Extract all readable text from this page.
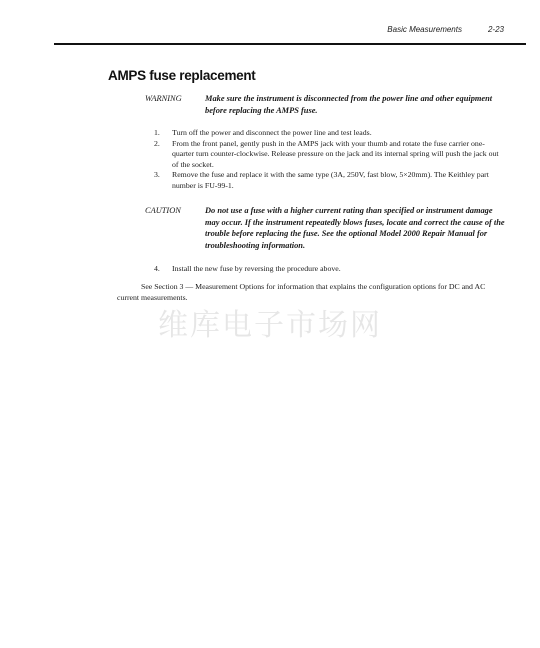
Basic Measurements	2-23
AMPS fuse replacement
WARNING	Make sure the instrument is disconnected from the power line and other equipment before replacing the AMPS fuse.
1. Turn off the power and disconnect the power line and test leads.
2. From the front panel, gently push in the AMPS jack with your thumb and rotate the fuse carrier one-quarter turn counter-clockwise. Release pressure on the jack and its internal spring will push the jack out of the socket.
3. Remove the fuse and replace it with the same type (3A, 250V, fast blow, 5×20mm). The Keithley part number is FU-99-1.
CAUTION	Do not use a fuse with a higher current rating than specified or instrument damage may occur. If the instrument repeatedly blows fuses, locate and correct the cause of the trouble before replacing the fuse. See the optional Model 2000 Repair Manual for troubleshooting information.
4. Install the new fuse by reversing the procedure above.
See Section 3 — Measurement Options for information that explains the configuration options for DC and AC current measurements.
维库电子市场网
